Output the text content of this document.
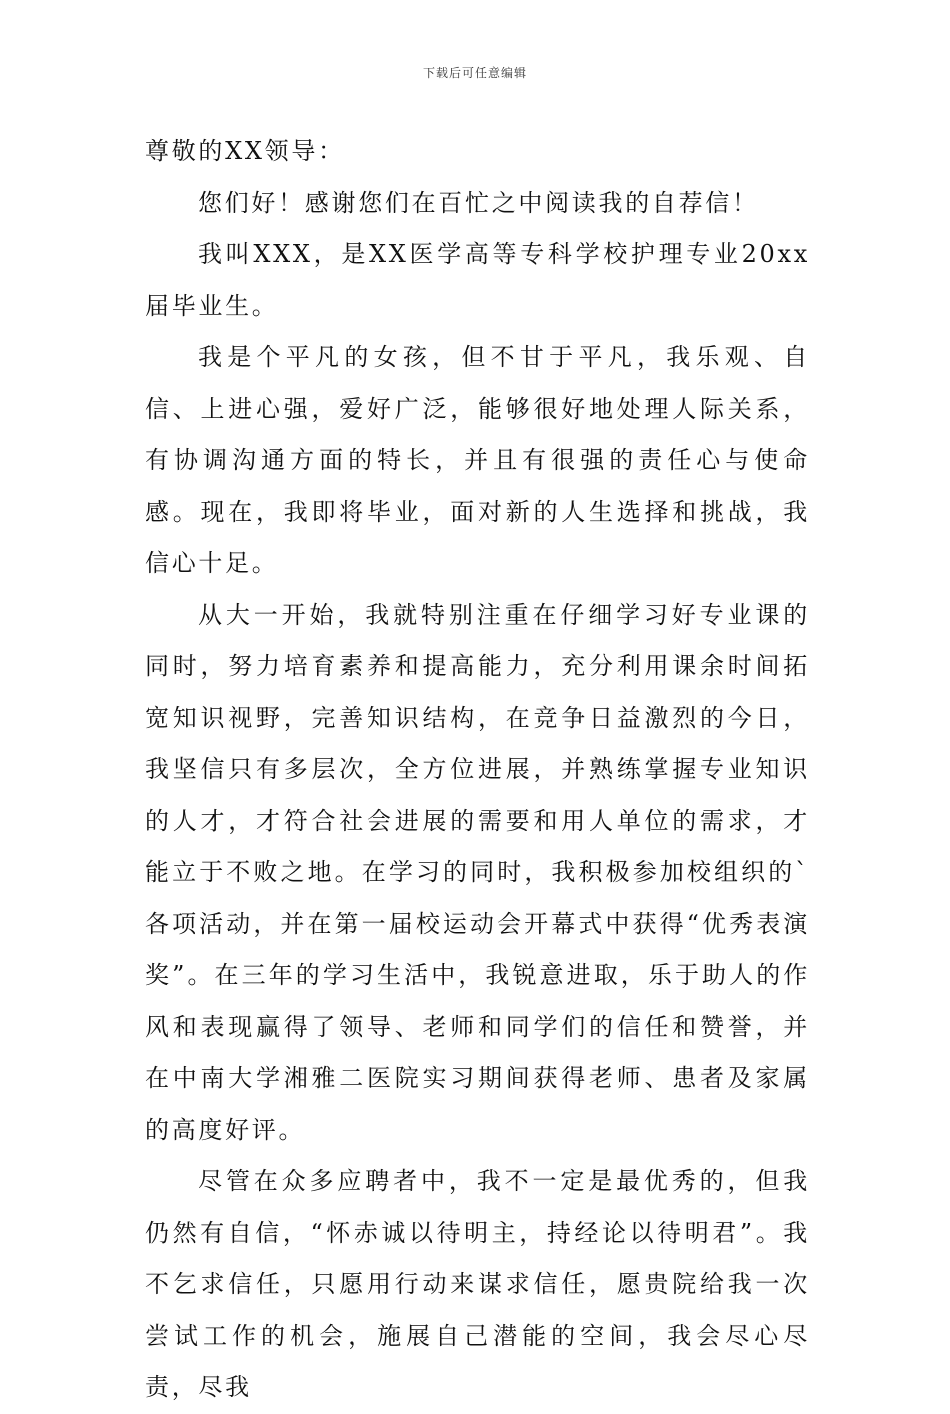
下载后可任意编辑

尊敬的XX领导：

您们好！感谢您们在百忙之中阅读我的自荐信！

我叫XXX，是XX医学高等专科学校护理专业20xx届毕业生。

我是个平凡的女孩，但不甘于平凡，我乐观、自信、上进心强，爱好广泛，能够很好地处理人际关系，有协调沟通方面的特长，并且有很强的责任心与使命感。现在，我即将毕业，面对新的人生选择和挑战，我信心十足。

从大一开始，我就特别注重在仔细学习好专业课的同时，努力培育素养和提高能力，充分利用课余时间拓宽知识视野，完善知识结构，在竞争日益激烈的今日，我坚信只有多层次，全方位进展，并熟练掌握专业知识的人才，才符合社会进展的需要和用人单位的需求，才能立于不败之地。在学习的同时，我积极参加校组织的`各项活动，并在第一届校运动会开幕式中获得“优秀表演奖”。在三年的学习生活中，我锐意进取，乐于助人的作风和表现赢得了领导、老师和同学们的信任和赞誉，并在中南大学湘雅二医院实习期间获得老师、患者及家属的高度好评。

尽管在众多应聘者中，我不一定是最优秀的，但我仍然有自信，“怀赤诚以待明主，持经论以待明君”。我不乞求信任，只愿用行动来谋求信任，愿贵院给我一次尝试工作的机会，施展自己潜能的空间，我会尽心尽责，尽我
